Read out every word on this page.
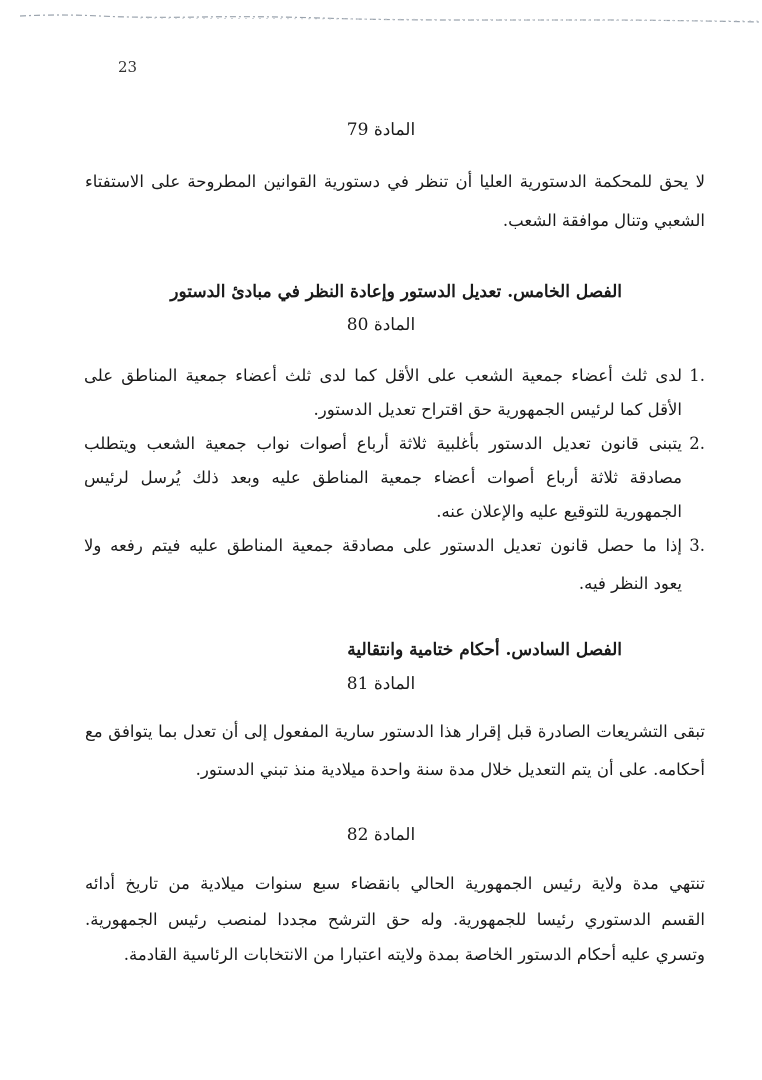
23
المادة 79
لا يحق للمحكمة الدستورية العليا أن تنظر في دستورية القوانين المطروحة على الاستفتاء
الشعبي وتنال موافقة الشعب.
الفصل الخامس. تعديل الدستور وإعادة النظر في مبادئ الدستور
المادة 80
1.
لدى ثلث أعضاء جمعية الشعب على الأقل كما لدى ثلث أعضاء جمعية المناطق على
الأقل كما لرئيس الجمهورية حق اقتراح تعديل الدستور.
2.
يتبنى قانون تعديل الدستور بأغلبية ثلاثة أرباع أصوات نواب جمعية الشعب ويتطلب
مصادقة ثلاثة أرباع أصوات أعضاء جمعية المناطق عليه وبعد ذلك يُرسل لرئيس
الجمهورية للتوقيع عليه والإعلان عنه.
3.
إذا ما حصل قانون تعديل الدستور على مصادقة جمعية المناطق عليه فيتم رفعه ولا
يعود النظر فيه.
الفصل السادس. أحكام ختامية وانتقالية
المادة 81
تبقى التشريعات الصادرة قبل إقرار هذا الدستور سارية المفعول إلى أن تعدل بما يتوافق مع
أحكامه. على أن يتم التعديل خلال مدة سنة واحدة ميلادية منذ تبني الدستور.
المادة 82
تنتهي مدة ولاية رئيس الجمهورية الحالي بانقضاء سبع سنوات ميلادية من تاريخ أدائه
القسم الدستوري رئيسا للجمهورية. وله حق الترشح مجددا لمنصب رئيس الجمهورية.
وتسري عليه أحكام الدستور الخاصة بمدة ولايته اعتبارا من الانتخابات الرئاسية القادمة.
